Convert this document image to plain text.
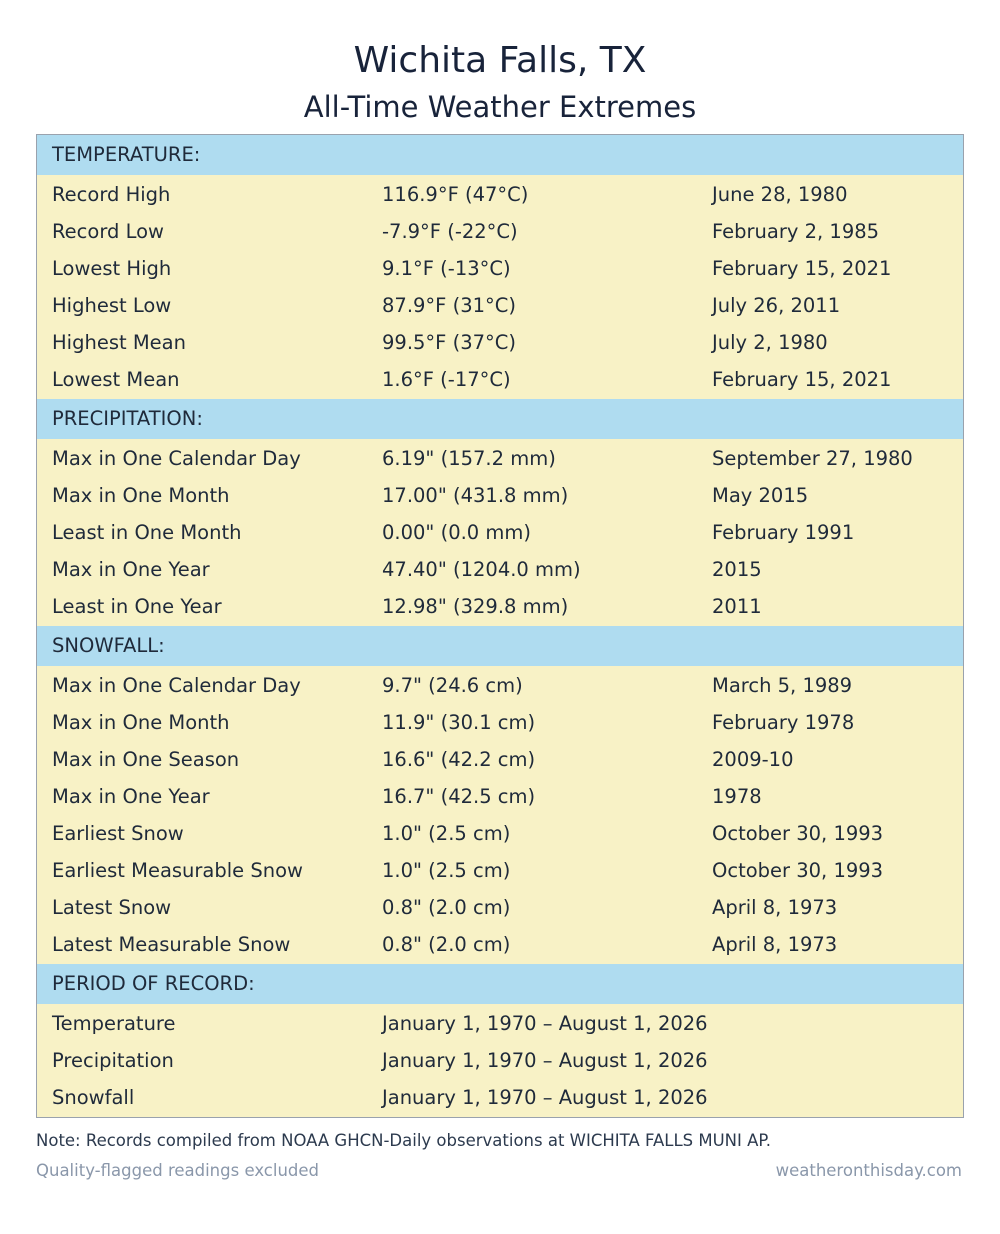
Wichita Falls, TX
All-Time Weather Extremes
TEMPERATURE:
Record High	116.9°F (47°C)	June 28, 1980
Record Low	-7.9°F (-22°C)	February 2, 1985
Lowest High	9.1°F (-13°C)	February 15, 2021
Highest Low	87.9°F (31°C)	July 26, 2011
Highest Mean	99.5°F (37°C)	July 2, 1980
Lowest Mean	1.6°F (-17°C)	February 15, 2021
PRECIPITATION:
Max in One Calendar Day	6.19" (157.2 mm)	September 27, 1980
Max in One Month	17.00" (431.8 mm)	May 2015
Least in One Month	0.00" (0.0 mm)	February 1991
Max in One Year	47.40" (1204.0 mm)	2015
Least in One Year	12.98" (329.8 mm)	2011
SNOWFALL:
Max in One Calendar Day	9.7" (24.6 cm)	March 5, 1989
Max in One Month	11.9" (30.1 cm)	February 1978
Max in One Season	16.6" (42.2 cm)	2009-10
Max in One Year	16.7" (42.5 cm)	1978
Earliest Snow	1.0" (2.5 cm)	October 30, 1993
Earliest Measurable Snow	1.0" (2.5 cm)	October 30, 1993
Latest Snow	0.8" (2.0 cm)	April 8, 1973
Latest Measurable Snow	0.8" (2.0 cm)	April 8, 1973
PERIOD OF RECORD:
Temperature	January 1, 1970 – August 1, 2026
Precipitation	January 1, 1970 – August 1, 2026
Snowfall	January 1, 1970 – August 1, 2026
Note: Records compiled from NOAA GHCN-Daily observations at WICHITA FALLS MUNI AP.
Quality-flagged readings excluded	weatheronthisday.com
